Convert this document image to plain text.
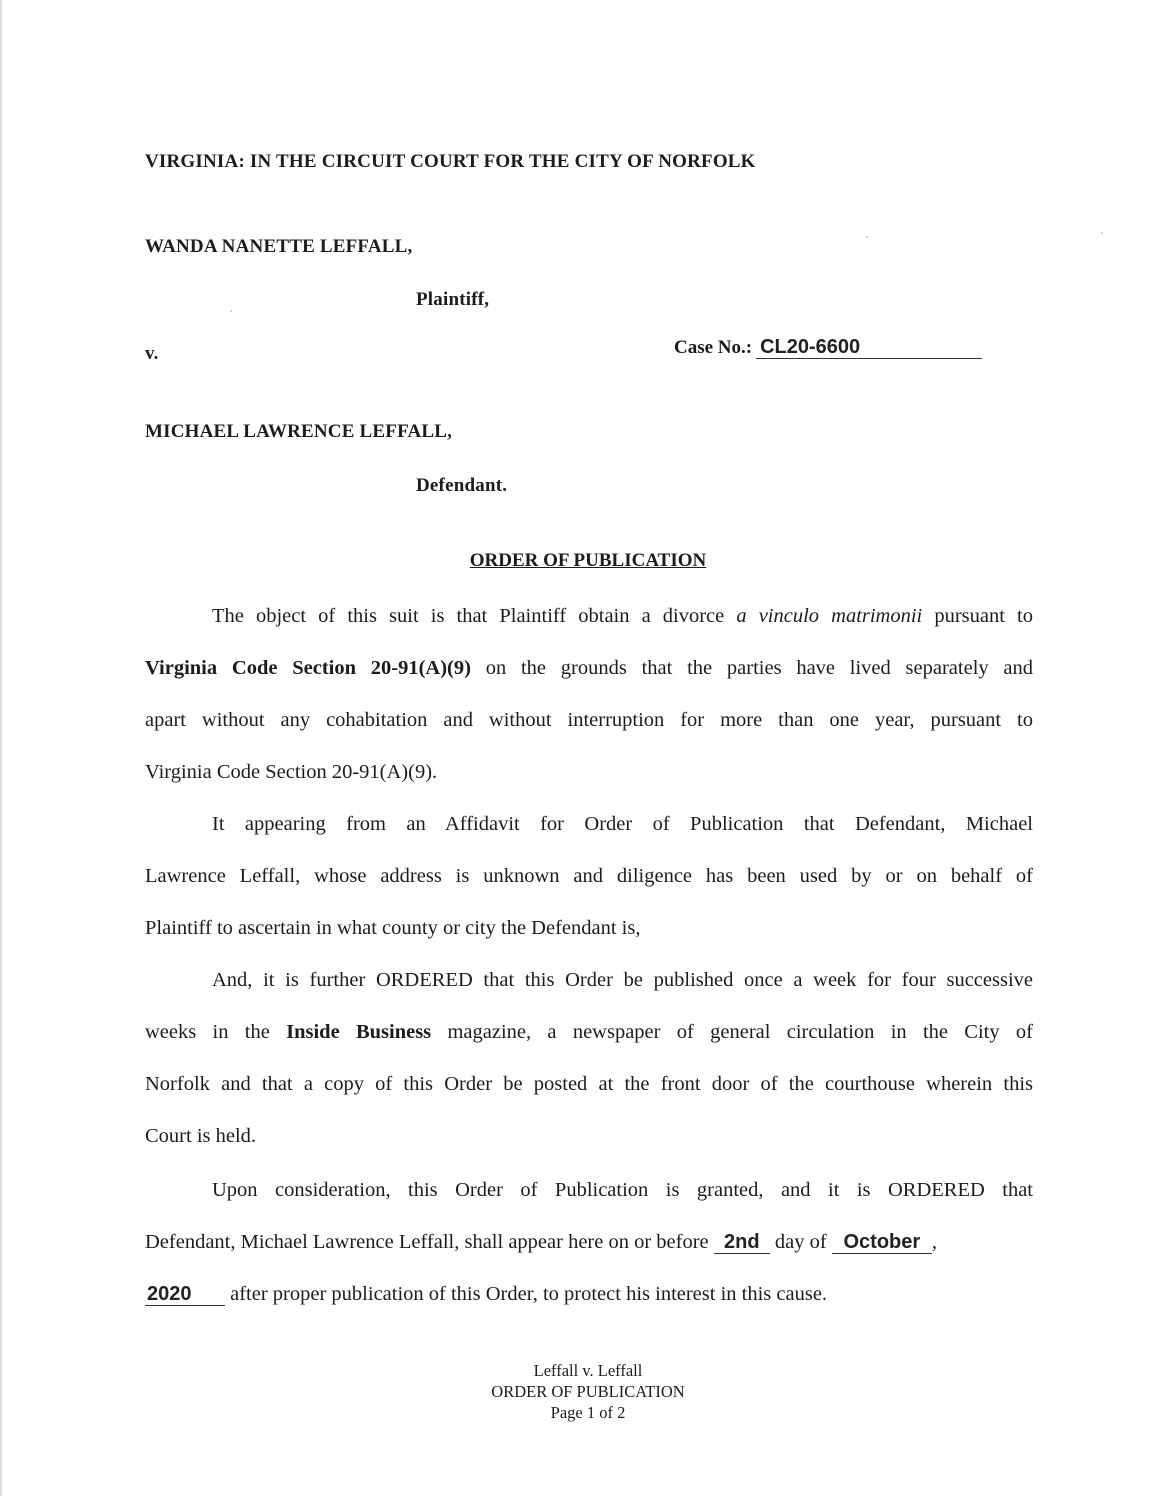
VIRGINIA: IN THE CIRCUIT COURT FOR THE CITY OF NORFOLK
WANDA NANETTE LEFFALL,
Plaintiff,
v.	Case No.: CL20-6600
MICHAEL LAWRENCE LEFFALL,
Defendant.
ORDER OF PUBLICATION
The object of this suit is that Plaintiff obtain a divorce a vinculo matrimonii pursuant to
Virginia Code Section 20-91(A)(9) on the grounds that the parties have lived separately and
apart without any cohabitation and without interruption for more than one year, pursuant to
Virginia Code Section 20-91(A)(9).
It appearing from an Affidavit for Order of Publication that Defendant, Michael
Lawrence Leffall, whose address is unknown and diligence has been used by or on behalf of
Plaintiff to ascertain in what county or city the Defendant is,
And, it is further ORDERED that this Order be published once a week for four successive
weeks in the Inside Business magazine, a newspaper of general circulation in the City of
Norfolk and that a copy of this Order be posted at the front door of the courthouse wherein this
Court is held.
Upon consideration, this Order of Publication is granted, and it is ORDERED that
Defendant, Michael Lawrence Leffall, shall appear here on or before 2nd day of October ,
2020 after proper publication of this Order, to protect his interest in this cause.
Leffall v. Leffall
ORDER OF PUBLICATION
Page 1 of 2
